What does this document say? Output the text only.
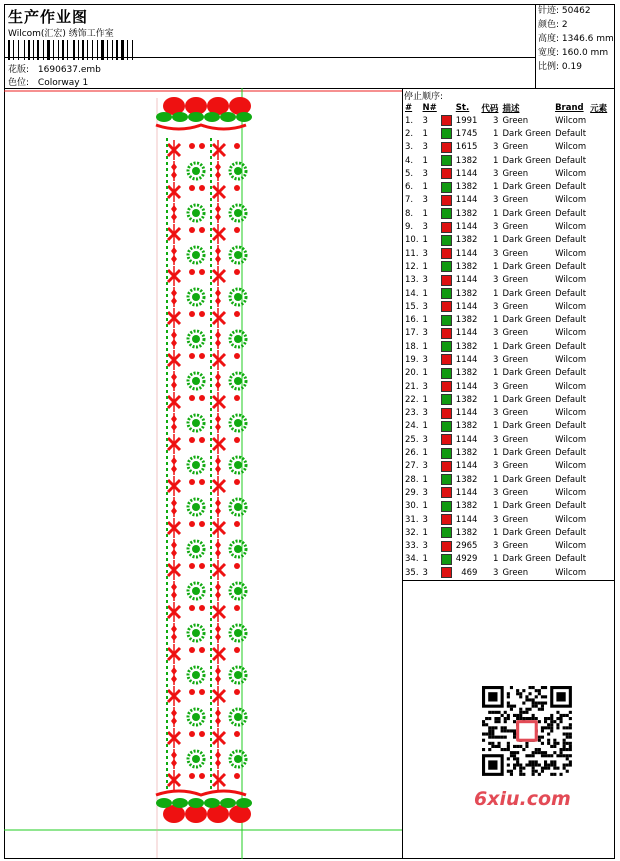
生产作业图
Wilcom(汇宏) 绣饰工作室
花版: 1690637.emb
色位: Colorway 1
针迹: 50462
颜色: 2
高度: 1346.6 mm
宽度: 160.0 mm
比例: 0.19
停止顺序:
#	N#		St.	代码	描述	Brand	元素
1.	3		1991	3	Green	Wilcom	
2.	1		1745	1	Dark Green	Default	
3.	3		1615	3	Green	Wilcom	
4.	1		1382	1	Dark Green	Default	
5.	3		1144	3	Green	Wilcom	
6.	1		1382	1	Dark Green	Default	
7.	3		1144	3	Green	Wilcom	
8.	1		1382	1	Dark Green	Default	
9.	3		1144	3	Green	Wilcom	
10.	1		1382	1	Dark Green	Default	
11.	3		1144	3	Green	Wilcom	
12.	1		1382	1	Dark Green	Default	
13.	3		1144	3	Green	Wilcom	
14.	1		1382	1	Dark Green	Default	
15.	3		1144	3	Green	Wilcom	
16.	1		1382	1	Dark Green	Default	
17.	3		1144	3	Green	Wilcom	
18.	1		1382	1	Dark Green	Default	
19.	3		1144	3	Green	Wilcom	
20.	1		1382	1	Dark Green	Default	
21.	3		1144	3	Green	Wilcom	
22.	1		1382	1	Dark Green	Default	
23.	3		1144	3	Green	Wilcom	
24.	1		1382	1	Dark Green	Default	
25.	3		1144	3	Green	Wilcom	
26.	1		1382	1	Dark Green	Default	
27.	3		1144	3	Green	Wilcom	
28.	1		1382	1	Dark Green	Default	
29.	3		1144	3	Green	Wilcom	
30.	1		1382	1	Dark Green	Default	
31.	3		1144	3	Green	Wilcom	
32.	1		1382	1	Dark Green	Default	
33.	3		2965	3	Green	Wilcom	
34.	1		4929	1	Dark Green	Default	
35.	3		469	3	Green	Wilcom	
6xiu.com
